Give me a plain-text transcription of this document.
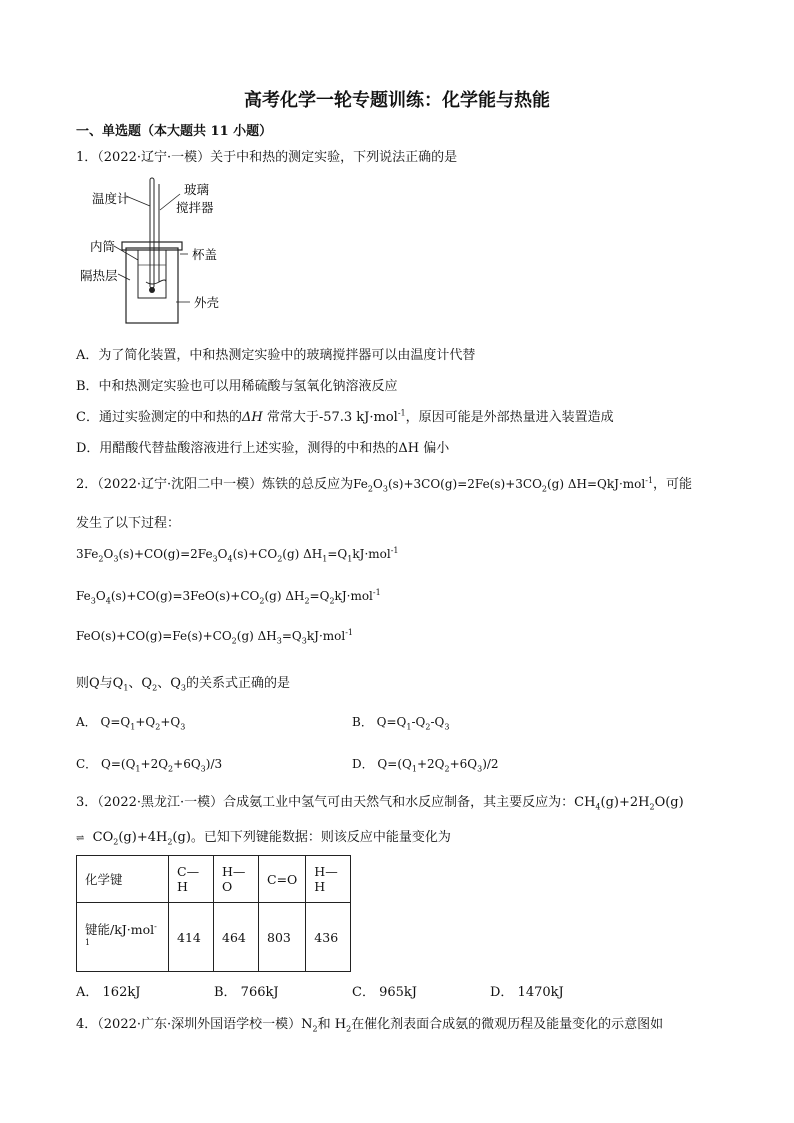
高考化学一轮专题训练：化学能与热能
一、单选题（本大题共 11 小题）
1．（2022·辽宁·一模）关于中和热的测定实验，下列说法正确的是
温度计
玻璃
搅拌器
内筒
杯盖
隔热层
外壳
A．为了简化装置，中和热测定实验中的玻璃搅拌器可以由温度计代替
B．中和热测定实验也可以用稀硫酸与氢氧化钠溶液反应
C．通过实验测定的中和热的ΔH 常常大于-57.3 kJ·mol$^{-1}$，原因可能是外部热量进入装置造成
D．用醋酸代替盐酸溶液进行上述实验，测得的中和热的ΔH 偏小
2．（2022·辽宁·沈阳二中一模）炼铁的总反应为$Fe_2O_3(s)+3CO(g)=2Fe(s)+3CO_2(g)$ ΔH=QkJ·mol$^{-1}$，可能
发生了以下过程：
$3Fe_2O_3(s)+CO(g)=2Fe_3O_4(s)+CO_2(g)$ $\Delta H_1=Q_1kJ\cdot mol^{-1}$
$Fe_3O_4(s)+CO(g)=3FeO(s)+CO_2(g)$ $\Delta H_2=Q_2kJ\cdot mol^{-1}$
$FeO(s)+CO(g)=Fe(s)+CO_2(g)$ $\Delta H_3=Q_3kJ\cdot mol^{-1}$
则Q与$Q_1$、$Q_2$、$Q_3$的关系式正确的是
A． $Q=Q_1+Q_2+Q_3$	B． $Q=Q_1-Q_2-Q_3$
C． $Q=(Q_1+2Q_2+6Q_3)/3$	D． $Q=(Q_1+2Q_2+6Q_3)/2$
3．（2022·黑龙江·一模）合成氨工业中氢气可由天然气和水反应制备，其主要反应为：$CH_4(g)+2H_2O(g)$
⇌ $CO_2(g)+4H_2(g)$。已知下列键能数据：则该反应中能量变化为
化学键	C—H	H—O	C=O	H—H
键能/kJ·mol-
$^1$	414	464	803	436
A． 162kJ	B． 766kJ	C． 965kJ	D． 1470kJ
4．（2022·广东·深圳外国语学校一模）$N_2$和 $H_2$在催化剂表面合成氨的微观历程及能量变化的示意图如
